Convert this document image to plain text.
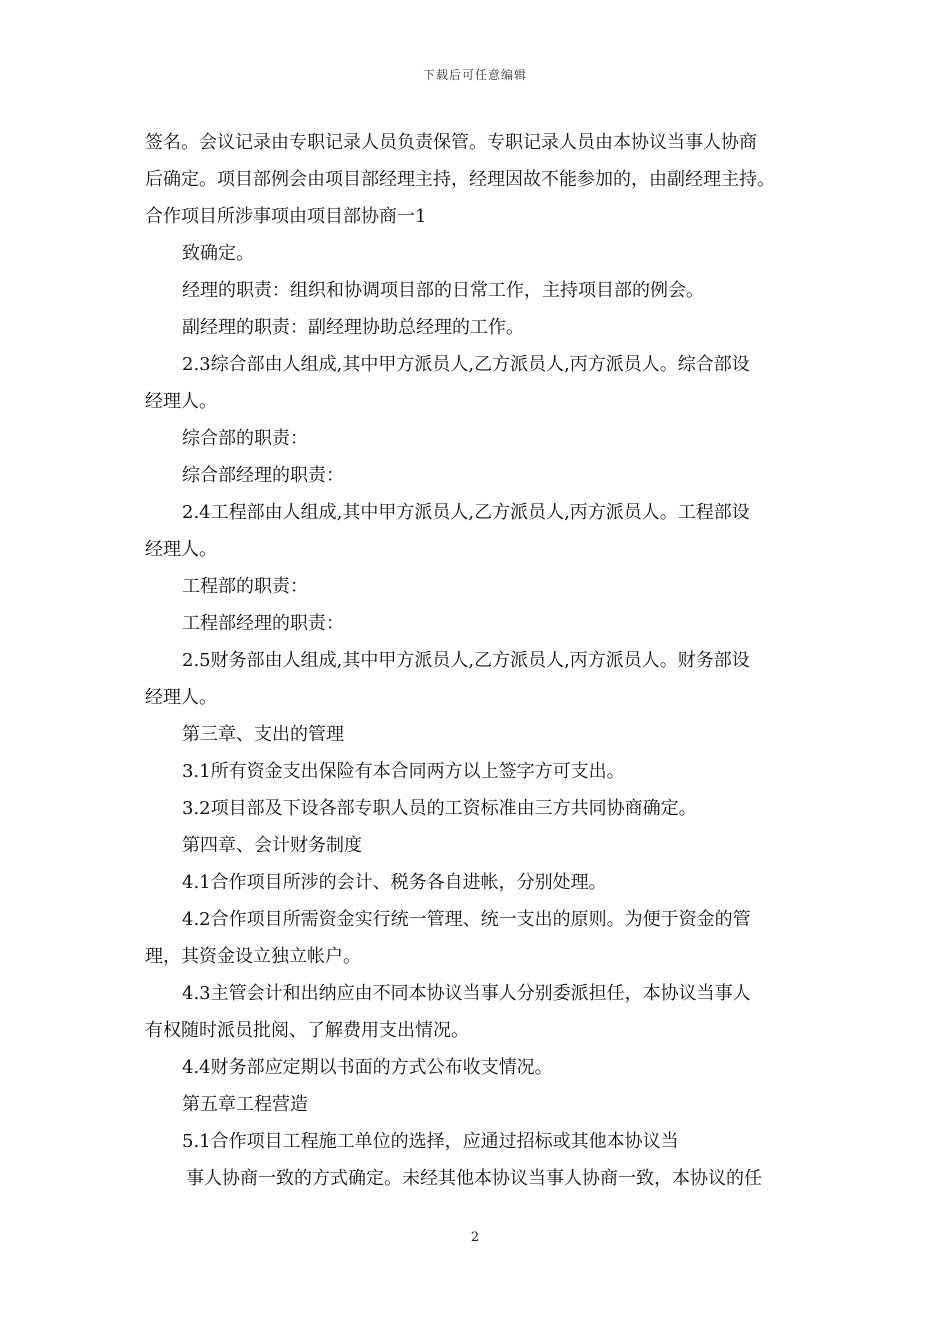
下载后可任意编辑
签名。会议记录由专职记录人员负责保管。专职记录人员由本协议当事人协商
后确定。项目部例会由项目部经理主持，经理因故不能参加的，由副经理主持。
合作项目所涉事项由项目部协商一1
致确定。
经理的职责：组织和协调项目部的日常工作，主持项目部的例会。
副经理的职责：副经理协助总经理的工作。
2.3综合部由人组成,其中甲方派员人,乙方派员人,丙方派员人。综合部设
经理人。
综合部的职责：
综合部经理的职责：
2.4工程部由人组成,其中甲方派员人,乙方派员人,丙方派员人。工程部设
经理人。
工程部的职责：
工程部经理的职责：
2.5财务部由人组成,其中甲方派员人,乙方派员人,丙方派员人。财务部设
经理人。
第三章、支出的管理
3.1所有资金支出保险有本合同两方以上签字方可支出。
3.2项目部及下设各部专职人员的工资标准由三方共同协商确定。
第四章、会计财务制度
4.1合作项目所涉的会计、税务各自进帐，分别处理。
4.2合作项目所需资金实行统一管理、统一支出的原则。为便于资金的管
理，其资金设立独立帐户。
4.3主管会计和出纳应由不同本协议当事人分别委派担任，本协议当事人
有权随时派员批阅、了解费用支出情况。
4.4财务部应定期以书面的方式公布收支情况。
第五章工程营造
5.1合作项目工程施工单位的选择，应通过招标或其他本协议当
事人协商一致的方式确定。未经其他本协议当事人协商一致，本协议的任
2
